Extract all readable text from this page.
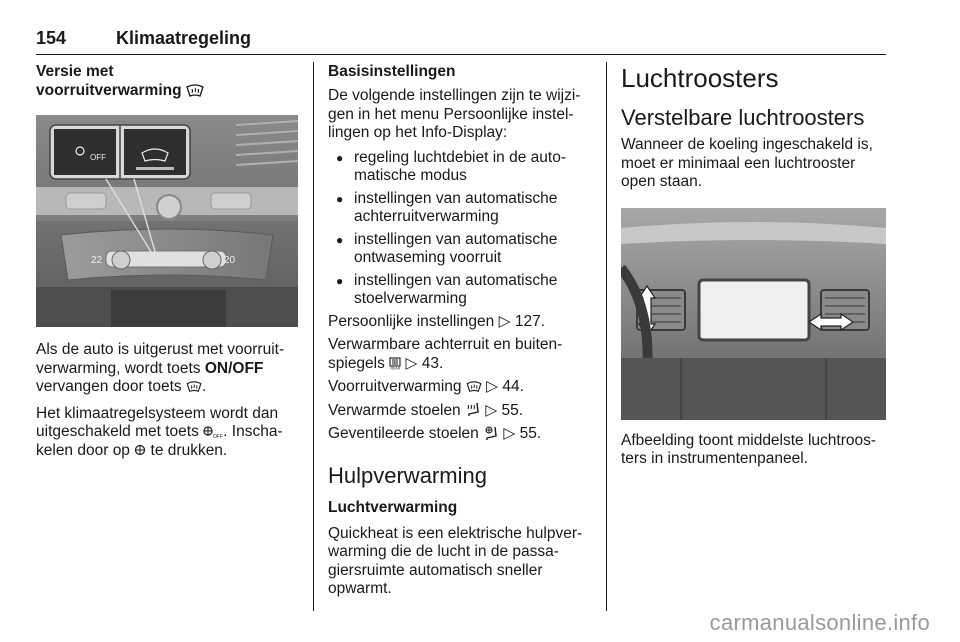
154	Klimaatregeling
Versie met
voorruitverwarming
22	20
OFF

Als de auto is uitgerust met voorruit-
verwarming, wordt toets ON/OFF
vervangen door toets .

Het klimaatregelsysteem wordt dan
uitgeschakeld met toets OFF . Inscha-
kelen door op  te drukken.

Basisinstellingen

De volgende instellingen zijn te wijzi-
gen in het menu Persoonlijke instel-
lingen op het Info-Display:

● regeling luchtdebiet in de auto-
matische modus
● instellingen van automatische
achterruitverwarming
● instellingen van automatische
ontwaseming voorruit
● instellingen van automatische
stoelverwarming

Persoonlijke instellingen ▷ 127.

Verwarmbare achterruit en buiten-
spiegels REAR ▷ 43.

Voorruitverwarming  ▷ 44.

Verwarmde stoelen  ▷ 55.

Geventileerde stoelen  ▷ 55.

Hulpverwarming
Luchtverwarming

Quickheat is een elektrische hulpver-
warming die de lucht in de passa-
giersruimte automatisch sneller
opwarmt.

Luchtroosters
Verstelbare luchtroosters

Wanneer de koeling ingeschakeld is,
moet er minimaal een luchtrooster
open staan.

Afbeelding toont middelste luchtroos-
ters in instrumentenpaneel.

carmanualsonline.info
